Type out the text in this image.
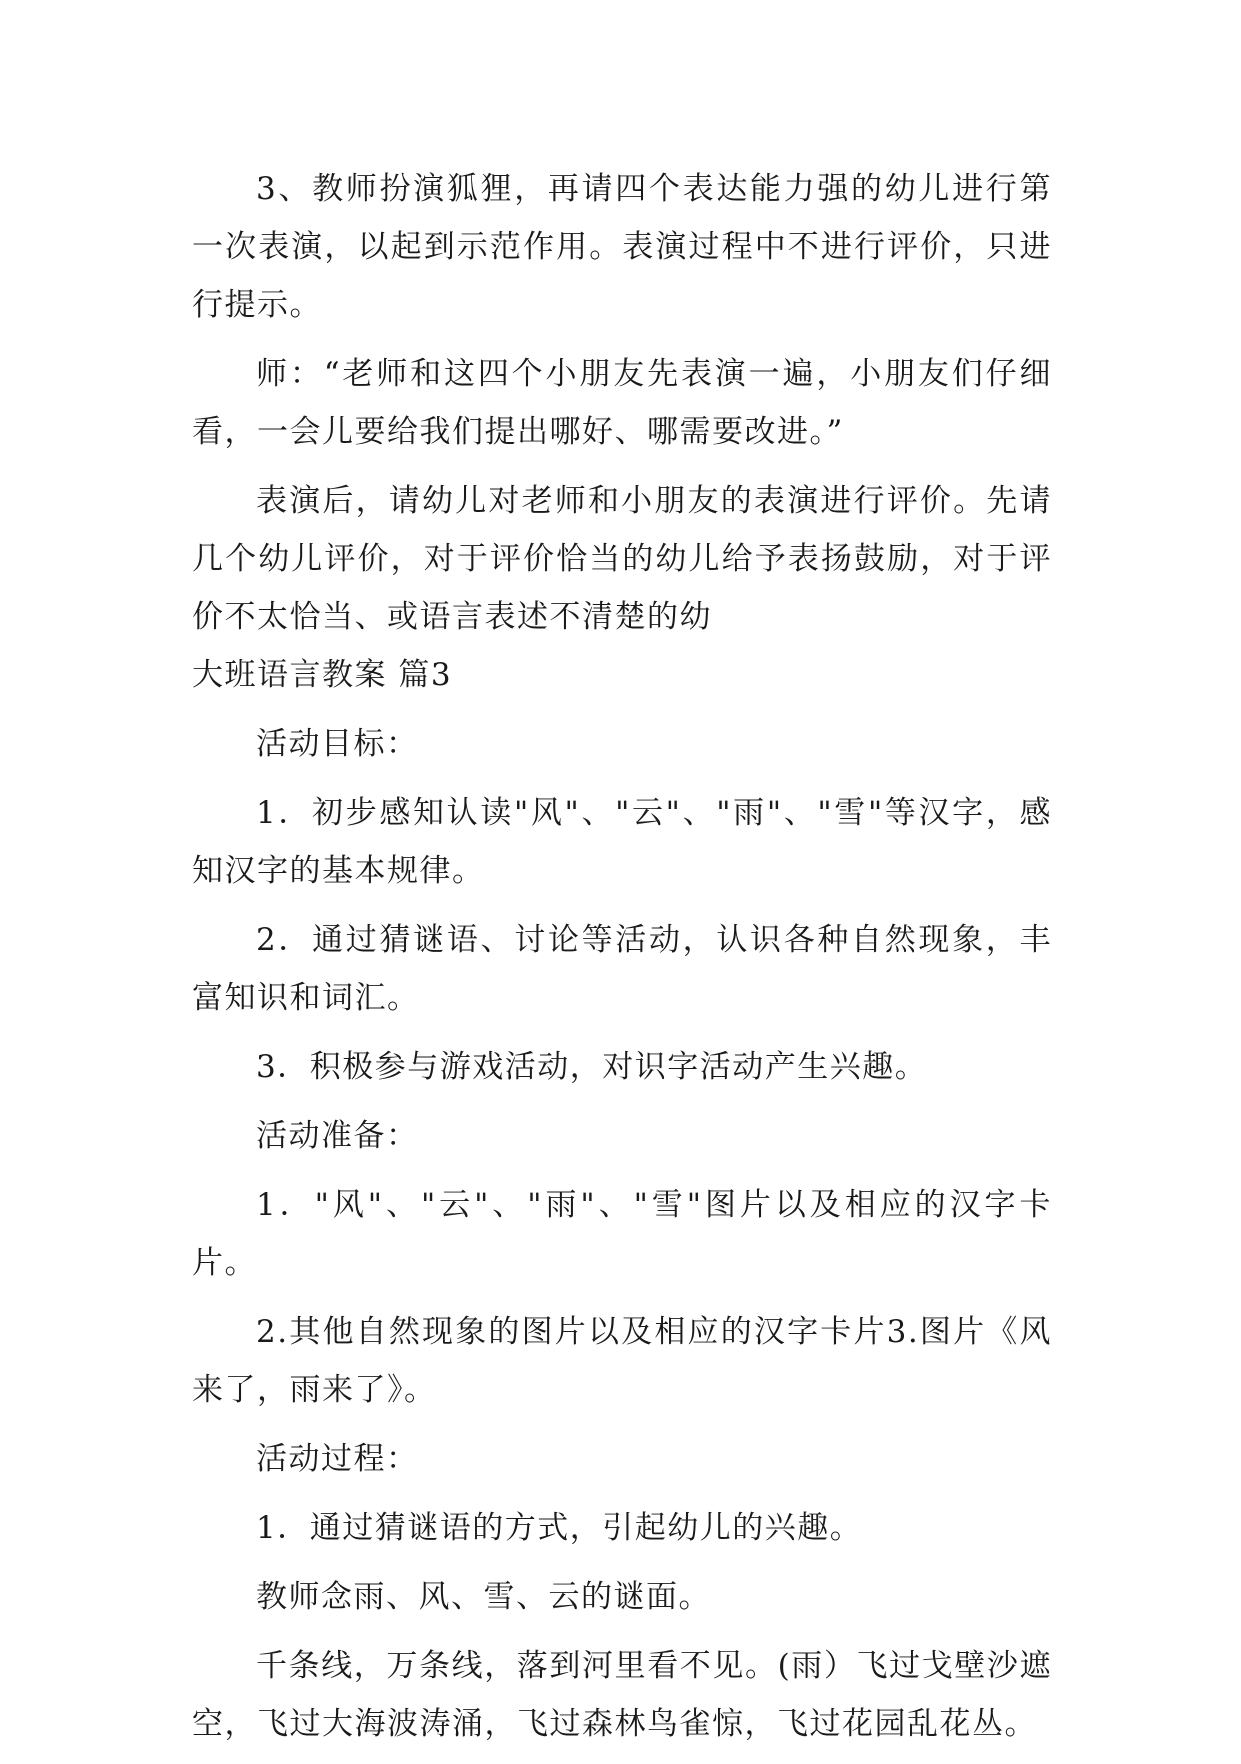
3、教师扮演狐狸，再请四个表达能力强的幼儿进行第一次表演，以起到示范作用。表演过程中不进行评价，只进行提示。

师：“老师和这四个小朋友先表演一遍，小朋友们仔细看，一会儿要给我们提出哪好、哪需要改进。”

表演后，请幼儿对老师和小朋友的表演进行评价。先请几个幼儿评价，对于评价恰当的幼儿给予表扬鼓励，对于评价不太恰当、或语言表述不清楚的幼

大班语言教案 篇3

活动目标：

1．初步感知认读"风"、"云"、"雨"、"雪"等汉字，感知汉字的基本规律。

2．通过猜谜语、讨论等活动，认识各种自然现象，丰富知识和词汇。

3．积极参与游戏活动，对识字活动产生兴趣。

活动准备：

1．"风"、"云"、"雨"、"雪"图片以及相应的汉字卡片。

2.其他自然现象的图片以及相应的汉字卡片3.图片《风来了，雨来了》。

活动过程：

1．通过猜谜语的方式，引起幼儿的兴趣。

教师念雨、风、雪、云的谜面。

千条线，万条线，落到河里看不见。(雨）飞过戈壁沙遮空，飞过大海波涛涌，飞过森林鸟雀惊，飞过花园乱花丛。
